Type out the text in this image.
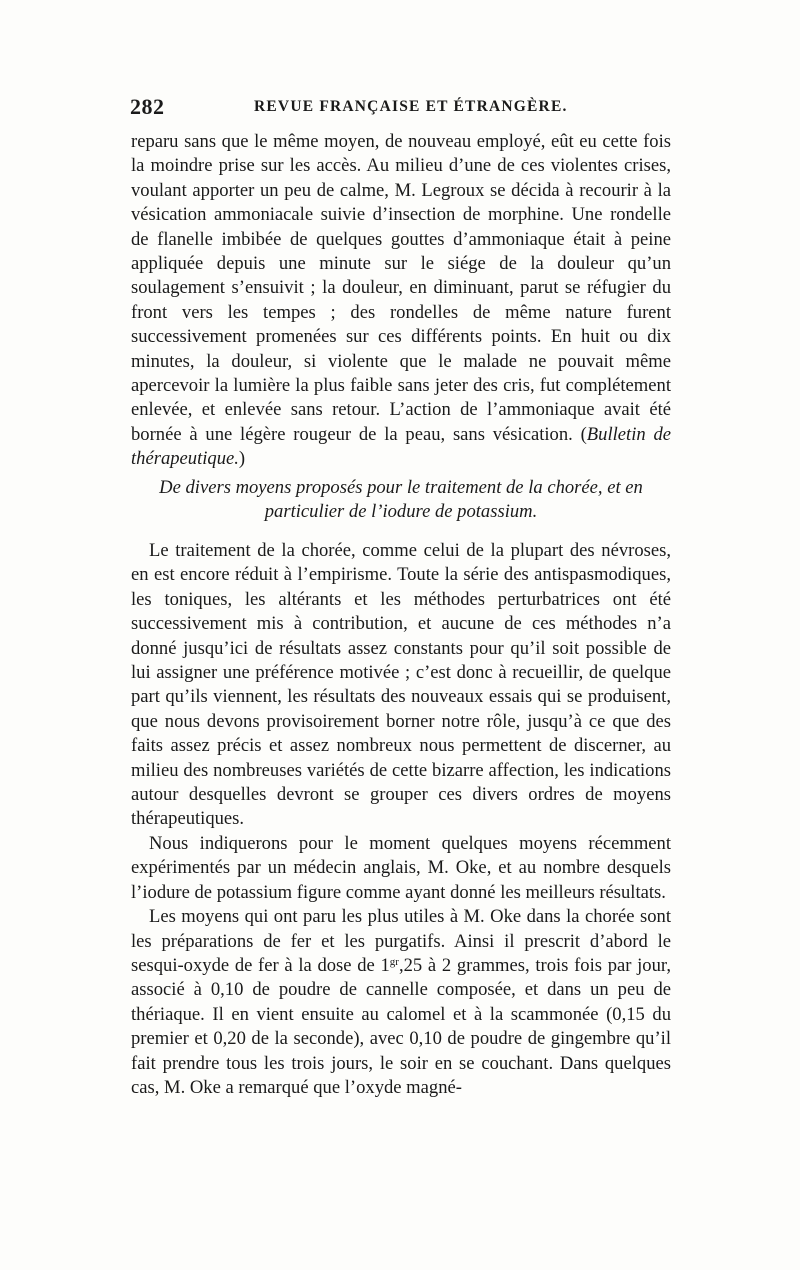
282	REVUE FRANÇAISE ET ÉTRANGÈRE.

reparu sans que le même moyen, de nouveau employé, eût eu cette fois la moindre prise sur les accès. Au milieu d’une de ces violentes crises, voulant apporter un peu de calme, M. Legroux se décida à recourir à la vésication ammoniacale suivie d’insection de morphine. Une rondelle de flanelle imbibée de quelques gouttes d’ammoniaque était à peine appliquée depuis une minute sur le siége de la douleur qu’un soulagement s’ensuivit ; la douleur, en diminuant, parut se réfugier du front vers les tempes ; des rondelles de même nature furent successivement promenées sur ces différents points. En huit ou dix minutes, la douleur, si violente que le malade ne pouvait même apercevoir la lumière la plus faible sans jeter des cris, fut complétement enlevée, et enlevée sans retour. L’action de l’ammoniaque avait été bornée à une légère rougeur de la peau, sans vésication. (Bulletin de thérapeutique.)

De divers moyens proposés pour le traitement de la chorée, et en particulier de l’iodure de potassium.

Le traitement de la chorée, comme celui de la plupart des névroses, en est encore réduit à l’empirisme. Toute la série des antispasmodiques, les toniques, les altérants et les méthodes perturbatrices ont été successivement mis à contribution, et aucune de ces méthodes n’a donné jusqu’ici de résultats assez constants pour qu’il soit possible de lui assigner une préférence motivée ; c’est donc à recueillir, de quelque part qu’ils viennent, les résultats des nouveaux essais qui se produisent, que nous devons provisoirement borner notre rôle, jusqu’à ce que des faits assez précis et assez nombreux nous permettent de discerner, au milieu des nombreuses variétés de cette bizarre affection, les indications autour desquelles devront se grouper ces divers ordres de moyens thérapeutiques.

Nous indiquerons pour le moment quelques moyens récemment expérimentés par un médecin anglais, M. Oke, et au nombre desquels l’iodure de potassium figure comme ayant donné les meilleurs résultats.

Les moyens qui ont paru les plus utiles à M. Oke dans la chorée sont les préparations de fer et les purgatifs. Ainsi il prescrit d’abord le sesqui-oxyde de fer à la dose de $1^{gr},25$ à 2 grammes, trois fois par jour, associé à 0,10 de poudre de cannelle composée, et dans un peu de thériaque. Il en vient ensuite au calomel et à la scammonée (0,15 du premier et 0,20 de la seconde), avec 0,10 de poudre de gingembre qu’il fait prendre tous les trois jours, le soir en se couchant. Dans quelques cas, M. Oke a remarqué que l’oxyde magné-
